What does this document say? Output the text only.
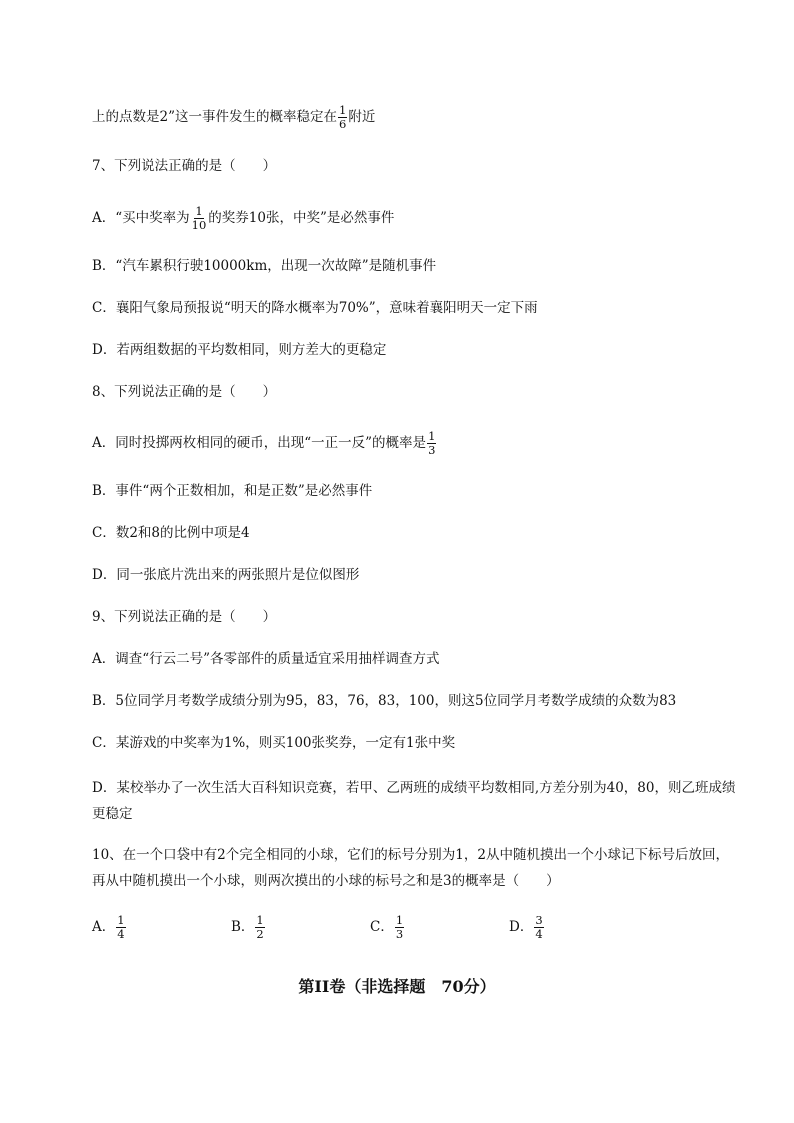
上的点数是2”这一事件发生的概率稳定在 $\frac{1}{6}$ 附近
7、下列说法正确的是（　　）
A．“买中奖率为 $\frac{1}{10}$ 的奖券10张，中奖”是必然事件
B．“汽车累积行驶10000km，出现一次故障”是随机事件
C．襄阳气象局预报说“明天的降水概率为70%”，意味着襄阳明天一定下雨
D．若两组数据的平均数相同，则方差大的更稳定
8、下列说法正确的是（　　）
A．同时投掷两枚相同的硬币，出现“一正一反”的概率是 $\frac{1}{3}$
B．事件“两个正数相加，和是正数”是必然事件
C．数2和8的比例中项是4
D．同一张底片洗出来的两张照片是位似图形
9、下列说法正确的是（　　）
A．调查“行云二号”各零部件的质量适宜采用抽样调查方式
B．5位同学月考数学成绩分别为95，83，76，83，100，则这5位同学月考数学成绩的众数为83
C．某游戏的中奖率为1%，则买100张奖券，一定有1张中奖
D．某校举办了一次生活大百科知识竞赛，若甲、乙两班的成绩平均数相同,方差分别为40，80，则乙班成绩更稳定
10、在一个口袋中有2个完全相同的小球，它们的标号分别为1，2从中随机摸出一个小球记下标号后放回，再从中随机摸出一个小球，则两次摸出的小球的标号之和是3的概率是（　　）
A． $\frac{1}{4}$	B． $\frac{1}{2}$	C． $\frac{1}{3}$	D． $\frac{3}{4}$
第II卷（非选择题　70分）
